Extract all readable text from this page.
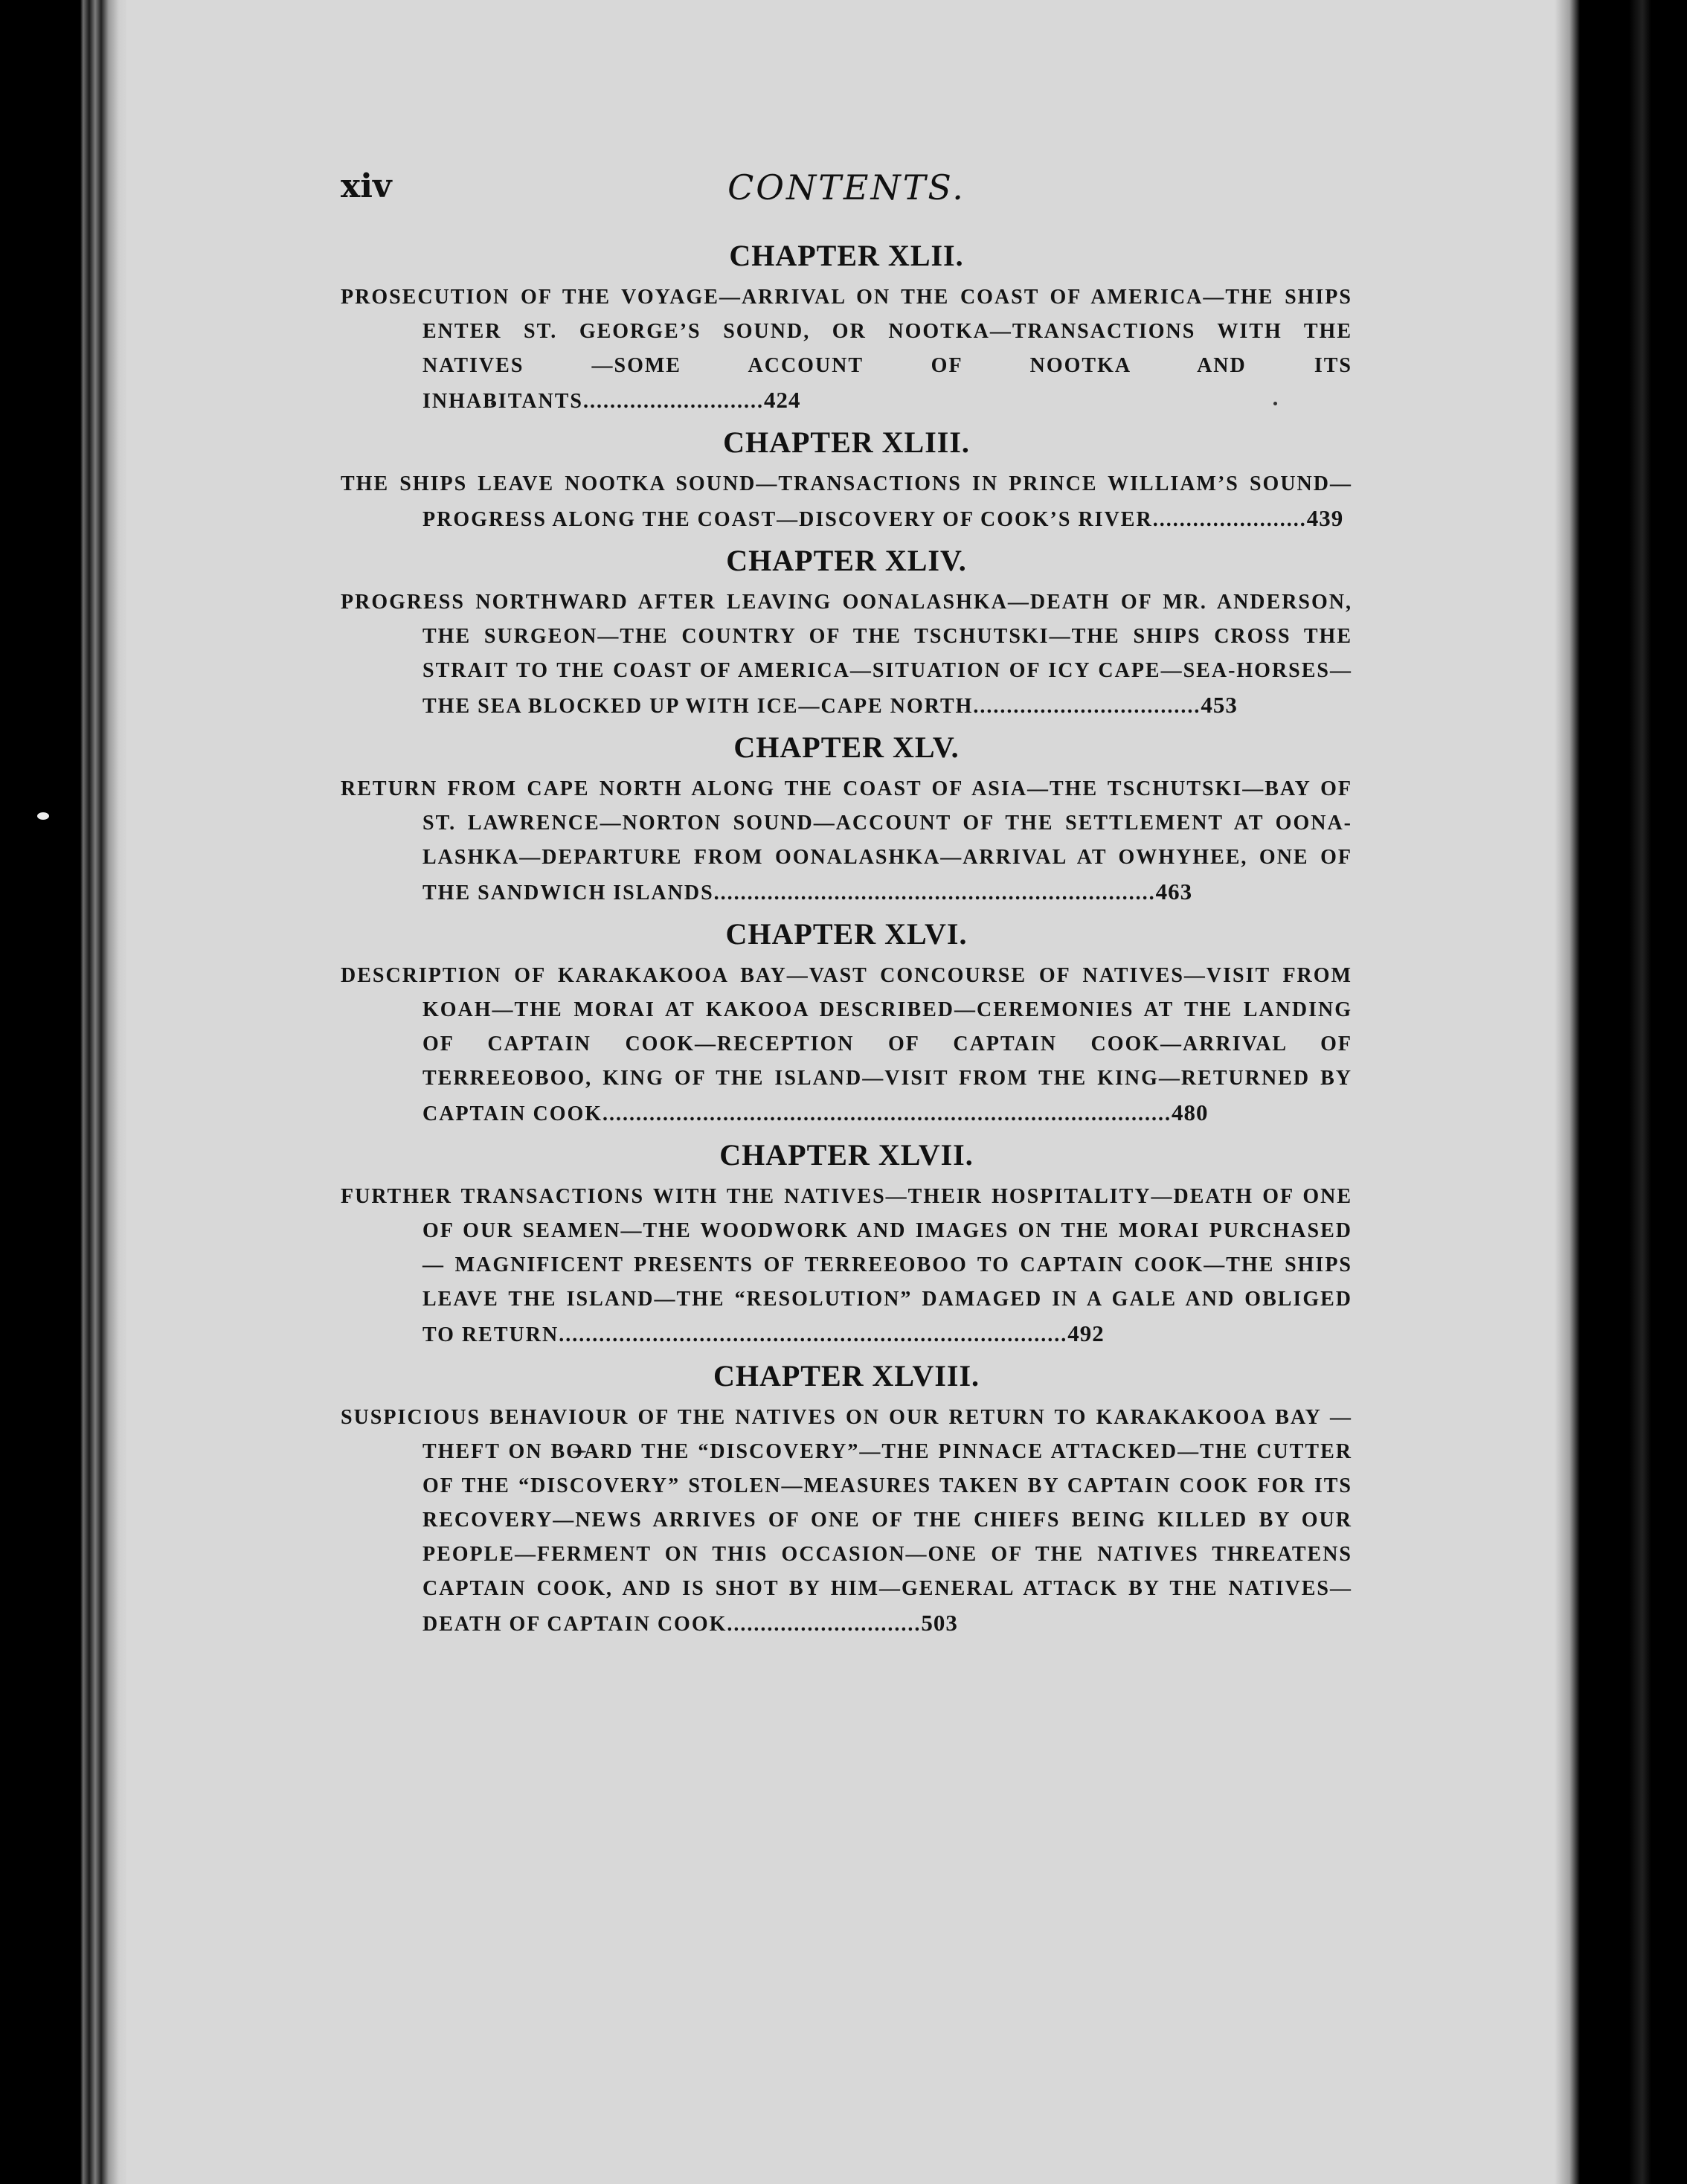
xiv	CONTENTS.
CHAPTER XLII.

PROSECUTION OF THE VOYAGE—ARRIVAL ON THE COAST OF AMERICA—THE SHIPS ENTER ST. GEORGE’S SOUND, OR NOOTKA—TRANSACTIONS WITH THE NATIVES —SOME ACCOUNT OF NOOTKA AND ITS INHABITANTS...........................424

CHAPTER XLIII.

THE SHIPS LEAVE NOOTKA SOUND—TRANSACTIONS IN PRINCE WILLIAM’S SOUND— PROGRESS ALONG THE COAST—DISCOVERY OF COOK’S RIVER.......................439

CHAPTER XLIV.

PROGRESS NORTHWARD AFTER LEAVING OONALASHKA—DEATH OF MR. ANDERSON, THE SURGEON—THE COUNTRY OF THE TSCHUTSKI—THE SHIPS CROSS THE STRAIT TO THE COAST OF AMERICA—SITUATION OF ICY CAPE—SEA-HORSES— THE SEA BLOCKED UP WITH ICE—CAPE NORTH..................................453

CHAPTER XLV.

RETURN FROM CAPE NORTH ALONG THE COAST OF ASIA—THE TSCHUTSKI—BAY OF ST. LAWRENCE—NORTON SOUND—ACCOUNT OF THE SETTLEMENT AT OONA- LASHKA—DEPARTURE FROM OONALASHKA—ARRIVAL AT OWHYHEE, ONE OF THE SANDWICH ISLANDS..................................................................463

CHAPTER XLVI.

DESCRIPTION OF KARAKAKOOA BAY—VAST CONCOURSE OF NATIVES—VISIT FROM KOAH—THE MORAI AT KAKOOA DESCRIBED—CEREMONIES AT THE LANDING OF CAPTAIN COOK—RECEPTION OF CAPTAIN COOK—ARRIVAL OF TERREEOBOO, KING OF THE ISLAND—VISIT FROM THE KING—RETURNED BY CAPTAIN COOK.....................................................................................480

CHAPTER XLVII.

FURTHER TRANSACTIONS WITH THE NATIVES—THEIR HOSPITALITY—DEATH OF ONE OF OUR SEAMEN—THE WOODWORK AND IMAGES ON THE MORAI PURCHASED— MAGNIFICENT PRESENTS OF TERREEOBOO TO CAPTAIN COOK—THE SHIPS LEAVE THE ISLAND—THE “RESOLUTION” DAMAGED IN A GALE AND OBLIGED TO RETURN............................................................................492

CHAPTER XLVIII.

SUSPICIOUS BEHAVIOUR OF THE NATIVES ON OUR RETURN TO KARAKAKOOA BAY —THEFT ON BOARD THE “DISCOVERY”—THE PINNACE ATTACKED—THE CUTTER OF THE “DISCOVERY” STOLEN—MEASURES TAKEN BY CAPTAIN COOK FOR ITS RECOVERY—NEWS ARRIVES OF ONE OF THE CHIEFS BEING KILLED BY OUR PEOPLE—FERMENT ON THIS OCCASION—ONE OF THE NATIVES THREATENS CAPTAIN COOK, AND IS SHOT BY HIM—GENERAL ATTACK BY THE NATIVES—DEATH OF CAPTAIN COOK.............................503
